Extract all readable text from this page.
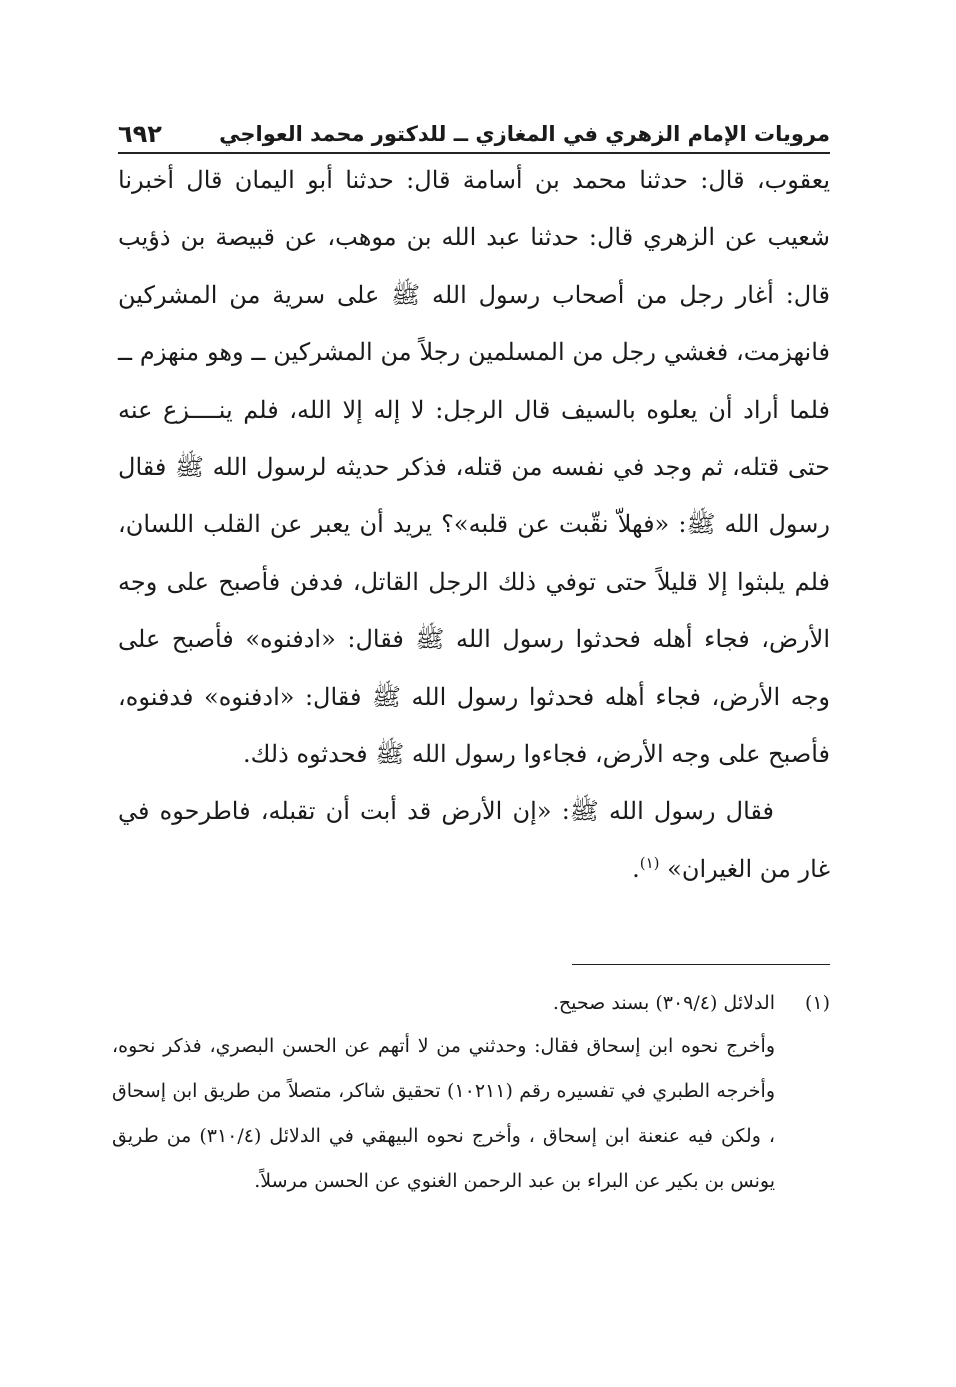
مرويات الإمام الزهري في المغازي ــ للدكتور محمد العواجي
٦٩٢

يعقوب، قال: حدثنا محمد بن أسامة قال: حدثنا أبو اليمان قال أخبرنا شعيب عن الزهري قال: حدثنا عبد الله بن موهب، عن قبيصة بن ذؤيب قال: أغار رجل من أصحاب رسول الله ﷺ على سرية من المشركين فانهزمت، فغشي رجل من المسلمين رجلاً من المشركين ــ وهو منهزم ــ فلما أراد أن يعلوه بالسيف قال الرجل: لا إله إلا الله، فلم ينــــزع عنه حتى قتله، ثم وجد في نفسه من قتله، فذكر حديثه لرسول الله ﷺ فقال رسول الله ﷺ: «فهلاّ نقّبت عن قلبه»؟ يريد أن يعبر عن القلب اللسان، فلم يلبثوا إلا قليلاً حتى توفي ذلك الرجل القاتل، فدفن فأصبح على وجه الأرض، فجاء أهله فحدثوا رسول الله ﷺ فقال: «ادفنوه» فأصبح على وجه الأرض، فجاء أهله فحدثوا رسول الله ﷺ فقال: «ادفنوه» فدفنوه، فأصبح على وجه الأرض، فجاءوا رسول الله ﷺ فحدثوه ذلك.

فقال رسول الله ﷺ: «إن الأرض قد أبت أن تقبله، فاطرحوه في غار من الغيران» $^{(١)}$.

(١)
الدلائل (٣٠٩/٤) بسند صحيح.

وأخرج نحوه ابن إسحاق فقال: وحدثني من لا أتهم عن الحسن البصري، فذكر نحوه، وأخرجه الطبري في تفسيره رقم (١٠٢١١) تحقيق شاكر، متصلاً من طريق ابن إسحاق ، ولكن فيه عنعنة ابن إسحاق ، وأخرج نحوه البيهقي في الدلائل (٣١٠/٤) من طريق يونس بن بكير عن البراء بن عبد الرحمن الغنوي عن الحسن مرسلاً.
